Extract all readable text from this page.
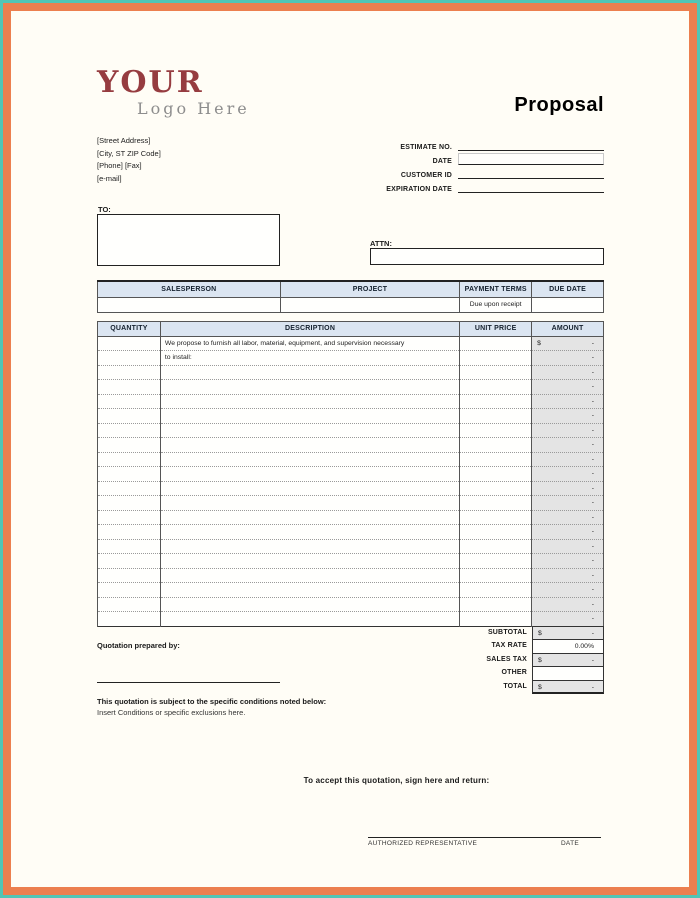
YOUR
Logo Here	Proposal
[Street Address]
[City, ST ZIP Code]
[Phone] [Fax]
[e-mail]
ESTIMATE NO.
DATE
CUSTOMER ID
EXPIRATION DATE
TO:
ATTN:
SALESPERSON	PROJECT	PAYMENT TERMS	DUE DATE
		Due upon receipt	
QUANTITY	DESCRIPTION	UNIT PRICE	AMOUNT
	We propose to furnish all labor, material, equipment, and supervision necessary		$ -

	to install:		-

			-

			-

			-

			-

			-

			-

			-

			-

			-

			-

			-

			-

			-

			-

			-

			-

			-

			-
Quotation prepared by:
This quotation is subject to the specific conditions noted below:
Insert Conditions or specific exclusions here.
SUBTOTAL	$	-
TAX RATE	0.00%
SALES TAX	$	-
OTHER
TOTAL	$	-
To accept this quotation, sign here and return:
AUTHORIZED REPRESENTATIVE	DATE
